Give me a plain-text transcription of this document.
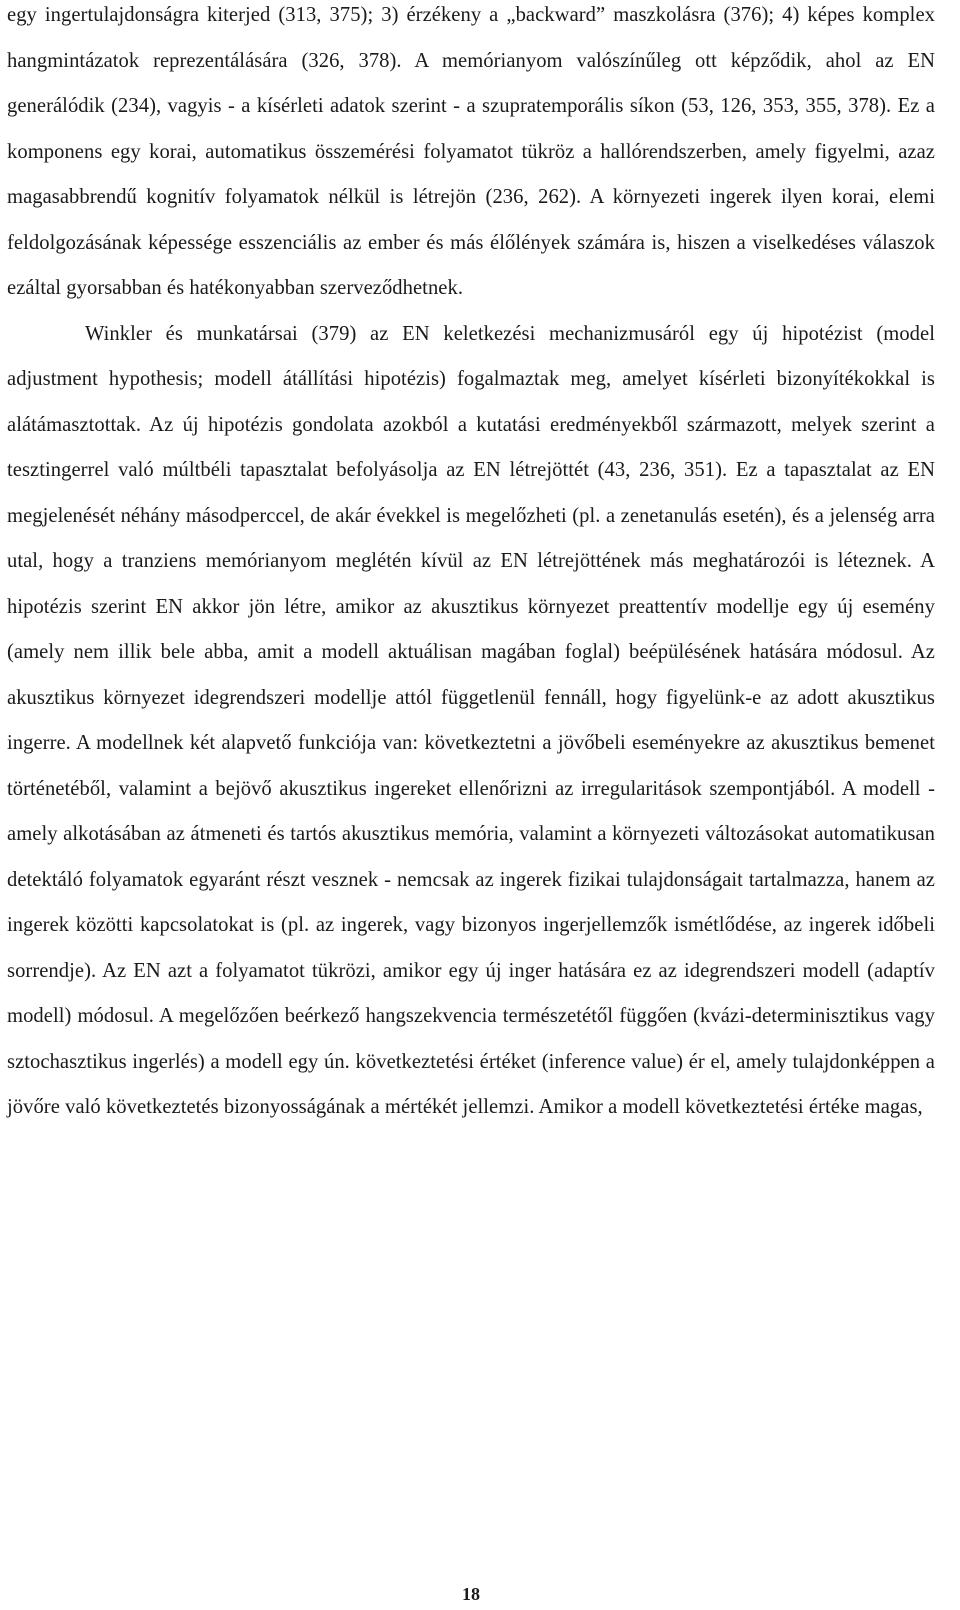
egy ingertulajdonságra kiterjed (313, 375); 3) érzékeny a „backward” maszkolásra (376); 4) képes komplex hangmintázatok reprezentálására (326, 378). A memórianyom valószínűleg ott képződik, ahol az EN generálódik (234), vagyis - a kísérleti adatok szerint - a szupratemporális síkon (53, 126, 353, 355, 378). Ez a komponens egy korai, automatikus összemérési folyamatot tükröz a hallórendszerben, amely figyelmi, azaz magasabbrendű kognitív folyamatok nélkül is létrejön (236, 262). A környezeti ingerek ilyen korai, elemi feldolgozásának képessége esszenciális az ember és más élőlények számára is, hiszen a viselkedéses válaszok ezáltal gyorsabban és hatékonyabban szerveződhetnek.

Winkler és munkatársai (379) az EN keletkezési mechanizmusáról egy új hipotézist (model adjustment hypothesis; modell átállítási hipotézis) fogalmaztak meg, amelyet kísérleti bizonyítékokkal is alátámasztottak. Az új hipotézis gondolata azokból a kutatási eredményekből származott, melyek szerint a tesztingerrel való múltbéli tapasztalat befolyásolja az EN létrejöttét (43, 236, 351). Ez a tapasztalat az EN megjelenését néhány másodperccel, de akár évekkel is megelőzheti (pl. a zenetanulás esetén), és a jelenség arra utal, hogy a tranziens memórianyom meglétén kívül az EN létrejöttének más meghatározói is léteznek. A hipotézis szerint EN akkor jön létre, amikor az akusztikus környezet preattentív modellje egy új esemény (amely nem illik bele abba, amit a modell aktuálisan magában foglal) beépülésének hatására módosul. Az akusztikus környezet idegrendszeri modellje attól függetlenül fennáll, hogy figyelünk-e az adott akusztikus ingerre. A modellnek két alapvető funkciója van: következtetni a jövőbeli eseményekre az akusztikus bemenet történetéből, valamint a bejövő akusztikus ingereket ellenőrizni az irregularitások szempontjából. A modell - amely alkotásában az átmeneti és tartós akusztikus memória, valamint a környezeti változásokat automatikusan detektáló folyamatok egyaránt részt vesznek - nemcsak az ingerek fizikai tulajdonságait tartalmazza, hanem az ingerek közötti kapcsolatokat is (pl. az ingerek, vagy bizonyos ingerjellemzők ismétlődése, az ingerek időbeli sorrendje). Az EN azt a folyamatot tükrözi, amikor egy új inger hatására ez az idegrendszeri modell (adaptív modell) módosul. A megelőzően beérkező hangszekvencia természetétől függően (kvázi-determinisztikus vagy sztochasztikus ingerlés) a modell egy ún. következtetési értéket (inference value) ér el, amely tulajdonképpen a jövőre való következtetés bizonyosságának a mértékét jellemzi. Amikor a modell következtetési értéke magas,

18
